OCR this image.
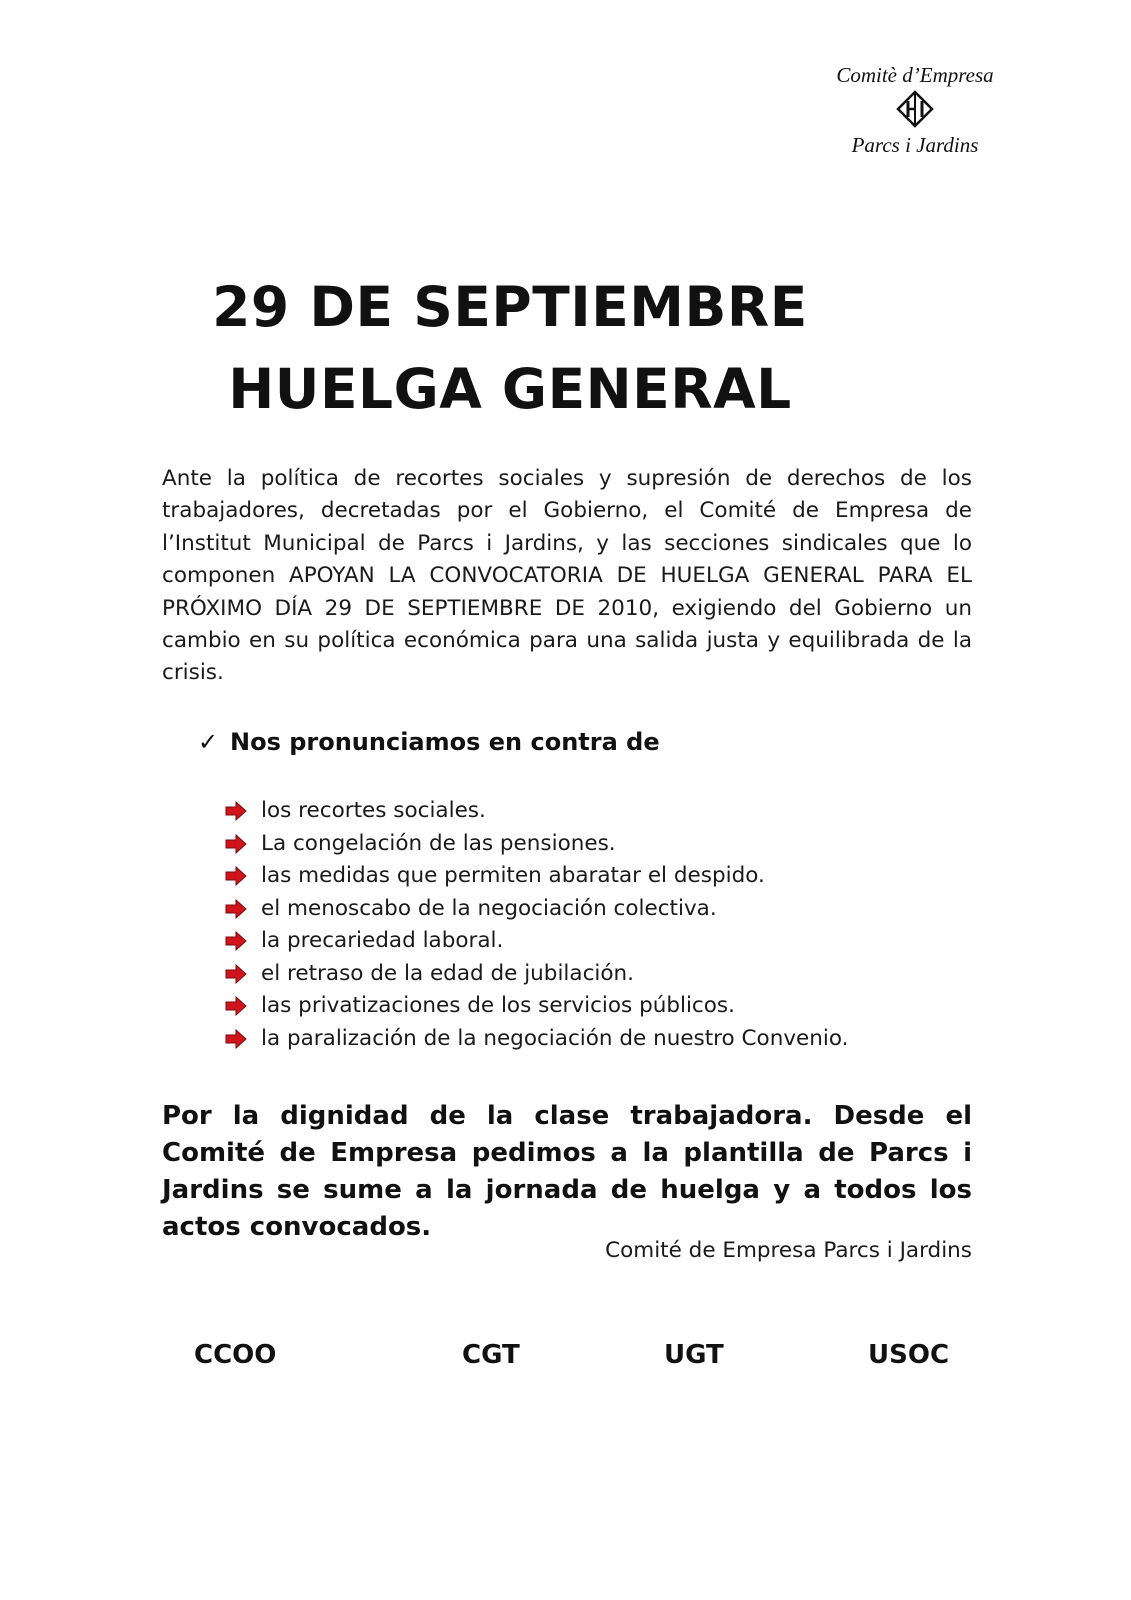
Comitè d’Empresa
Parcs i Jardins
29 DE SEPTIEMBRE
HUELGA GENERAL

Ante la política de recortes sociales y supresión de derechos de los trabajadores, decretadas por el Gobierno, el Comité de Empresa de l’Institut Municipal de Parcs i Jardins, y las secciones sindicales que lo componen APOYAN LA CONVOCATORIA DE HUELGA GENERAL PARA EL PRÓXIMO DÍA 29 DE SEPTIEMBRE DE 2010, exigiendo del Gobierno un cambio en su política económica para una salida justa y equilibrada de la crisis.

✓ Nos pronunciamos en contra de
los recortes sociales.
La congelación de las pensiones.
las medidas que permiten abaratar el despido.
el menoscabo de la negociación colectiva.
la precariedad laboral.
el retraso de la edad de jubilación.
las privatizaciones de los servicios públicos.
la paralización de la negociación de nuestro Convenio.

Por la dignidad de la clase trabajadora. Desde el Comité de Empresa pedimos a la plantilla de Parcs i Jardins se sume a la jornada de huelga y a todos los actos convocados.

Comité de Empresa Parcs i Jardins
CCOO	CGT	UGT	USOC
